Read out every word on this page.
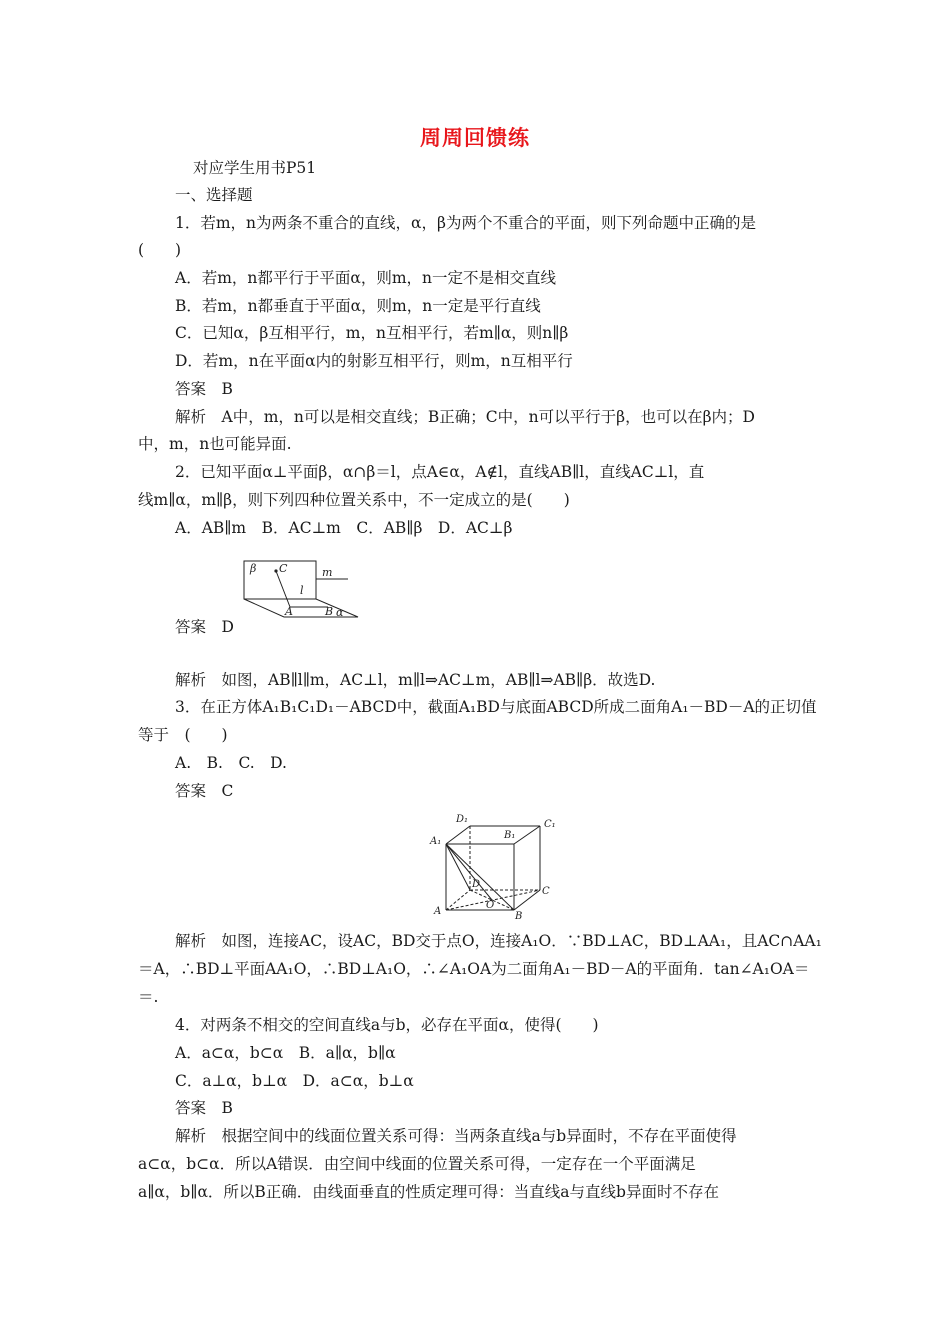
周周回馈练
对应学生用书P51
一、选择题
1．若m，n为两条不重合的直线，α，β为两个不重合的平面，则下列命题中正确的是
(　　)
A．若m，n都平行于平面α，则m，n一定不是相交直线
B．若m，n都垂直于平面α，则m，n一定是平行直线
C．已知α，β互相平行，m，n互相平行，若m∥α，则n∥β
D．若m，n在平面α内的射影互相平行，则m，n互相平行
答案　B
解析　A中，m，n可以是相交直线；B正确；C中，n可以平行于β，也可以在β内；D
中，m，n也可能异面.
2．已知平面α⊥平面β，α∩β＝l，点A∈α，A∉l，直线AB∥l，直线AC⊥l，直
线m∥α，m∥β，则下列四种位置关系中，不一定成立的是(　　)
A．AB∥m　B．AC⊥m　C．AB∥β　D．AC⊥β
β C	m
l
A	B α
答案　D
解析　如图，AB∥l∥m，AC⊥l，m∥l⇒AC⊥m，AB∥l⇒AB∥β．故选D.
3．在正方体A₁B₁C₁D₁－ABCD中，截面A₁BD与底面ABCD所成二面角A₁－BD－A的正切值
等于　(　　)
A.　B.　C.　D.
答案　C
D₁	C₁
B₁
A₁
D
C
O
A	B
解析　如图，连接AC，设AC，BD交于点O，连接A₁O．∵BD⊥AC，BD⊥AA₁，且AC∩AA₁
＝A，∴BD⊥平面AA₁O，∴BD⊥A₁O，∴∠A₁OA为二面角A₁－BD－A的平面角．tan∠A₁OA＝
＝.
4．对两条不相交的空间直线a与b，必存在平面α，使得(　　)
A．a⊂α，b⊂α　B．a∥α，b∥α
C．a⊥α，b⊥α　D．a⊂α，b⊥α
答案　B
解析　根据空间中的线面位置关系可得：当两条直线a与b异面时，不存在平面使得
a⊂α，b⊂α．所以A错误．由空间中线面的位置关系可得，一定存在一个平面满足
a∥α，b∥α．所以B正确．由线面垂直的性质定理可得：当直线a与直线b异面时不存在
